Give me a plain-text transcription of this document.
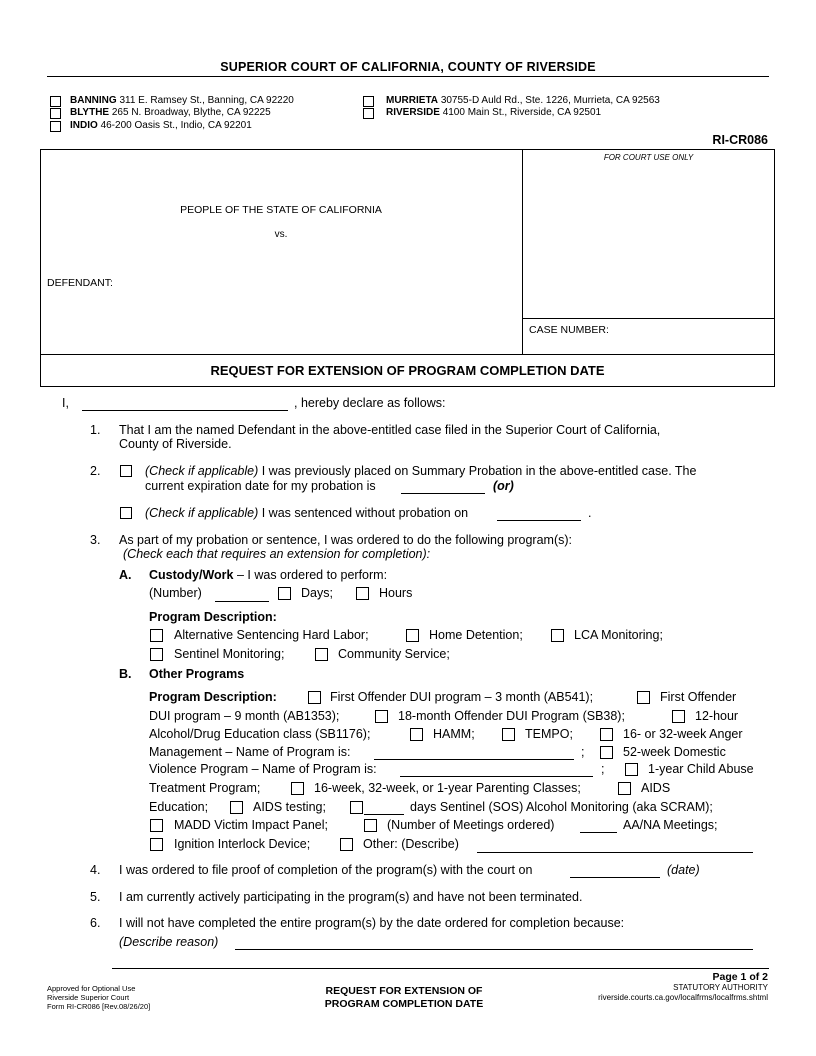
SUPERIOR COURT OF CALIFORNIA, COUNTY OF RIVERSIDE
BANNING 311 E. Ramsey St., Banning, CA 92220
BLYTHE 265 N. Broadway, Blythe, CA 92225
INDIO 46-200 Oasis St., Indio, CA 92201
MURRIETA 30755-D Auld Rd., Ste. 1226, Murrieta, CA 92563
RIVERSIDE 4100 Main St., Riverside, CA 92501
RI-CR086
FOR COURT USE ONLY
PEOPLE OF THE STATE OF CALIFORNIA
vs.
DEFENDANT:
CASE NUMBER:
REQUEST FOR EXTENSION OF PROGRAM COMPLETION DATE
I,	, hereby declare as follows:
1. That I am the named Defendant in the above-entitled case filed in the Superior Court of California,
County of Riverside.
2.	(Check if applicable) I was previously placed on Summary Probation in the above-entitled case. The
current expiration date for my probation is	(or)
(Check if applicable) I was sentenced without probation on	.
3. As part of my probation or sentence, I was ordered to do the following program(s):
(Check each that requires an extension for completion):
A. Custody/Work – I was ordered to perform:
(Number)	Days;	Hours
Program Description:
Alternative Sentencing Hard Labor;	Home Detention;	LCA Monitoring;
Sentinel Monitoring;	Community Service;
B. Other Programs
Program Description:	First Offender DUI program – 3 month (AB541);	First Offender
DUI program – 9 month (AB1353);	18-month Offender DUI Program (SB38);	12-hour
Alcohol/Drug Education class (SB1176);	HAMM;	TEMPO;	16- or 32-week Anger
Management – Name of Program is:	;	52-week Domestic
Violence Program – Name of Program is:	;	1-year Child Abuse
Treatment Program;	16-week, 32-week, or 1-year Parenting Classes;	AIDS
Education;	AIDS testing;	days Sentinel (SOS) Alcohol Monitoring (aka SCRAM);
MADD Victim Impact Panel;	(Number of Meetings ordered)	AA/NA Meetings;
Ignition Interlock Device;	Other: (Describe)
4. I was ordered to file proof of completion of the program(s) with the court on	(date)
5. I am currently actively participating in the program(s) and have not been terminated.
6. I will not have completed the entire program(s) by the date ordered for completion because:
(Describe reason)
Page 1 of 2
Approved for Optional Use
Riverside Superior Court
Form RI-CR086 [Rev.08/26/20]
REQUEST FOR EXTENSION OF
PROGRAM COMPLETION DATE
STATUTORY AUTHORITY
riverside.courts.ca.gov/localfrms/localfrms.shtml
